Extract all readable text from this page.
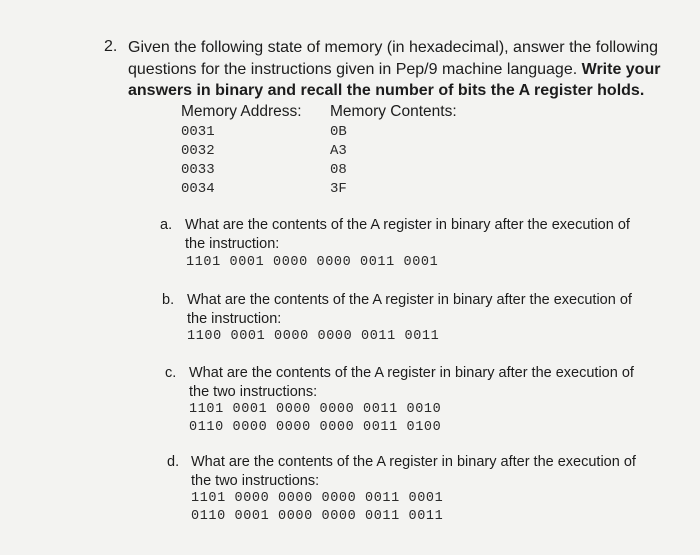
2. Given the following state of memory (in hexadecimal), answer the following
questions for the instructions given in Pep/9 machine language. Write your
answers in binary and recall the number of bits the A register holds.
Memory Address: Memory Contents:
0031	0B
0032	A3
0033	08
0034	3F
a. What are the contents of the A register in binary after the execution of
the instruction:
1101 0001 0000 0000 0011 0001
b. What are the contents of the A register in binary after the execution of
the instruction:
1100 0001 0000 0000 0011 0011
c. What are the contents of the A register in binary after the execution of
the two instructions:
1101 0001 0000 0000 0011 0010
0110 0000 0000 0000 0011 0100
d. What are the contents of the A register in binary after the execution of
the two instructions:
1101 0000 0000 0000 0011 0001
0110 0001 0000 0000 0011 0011
